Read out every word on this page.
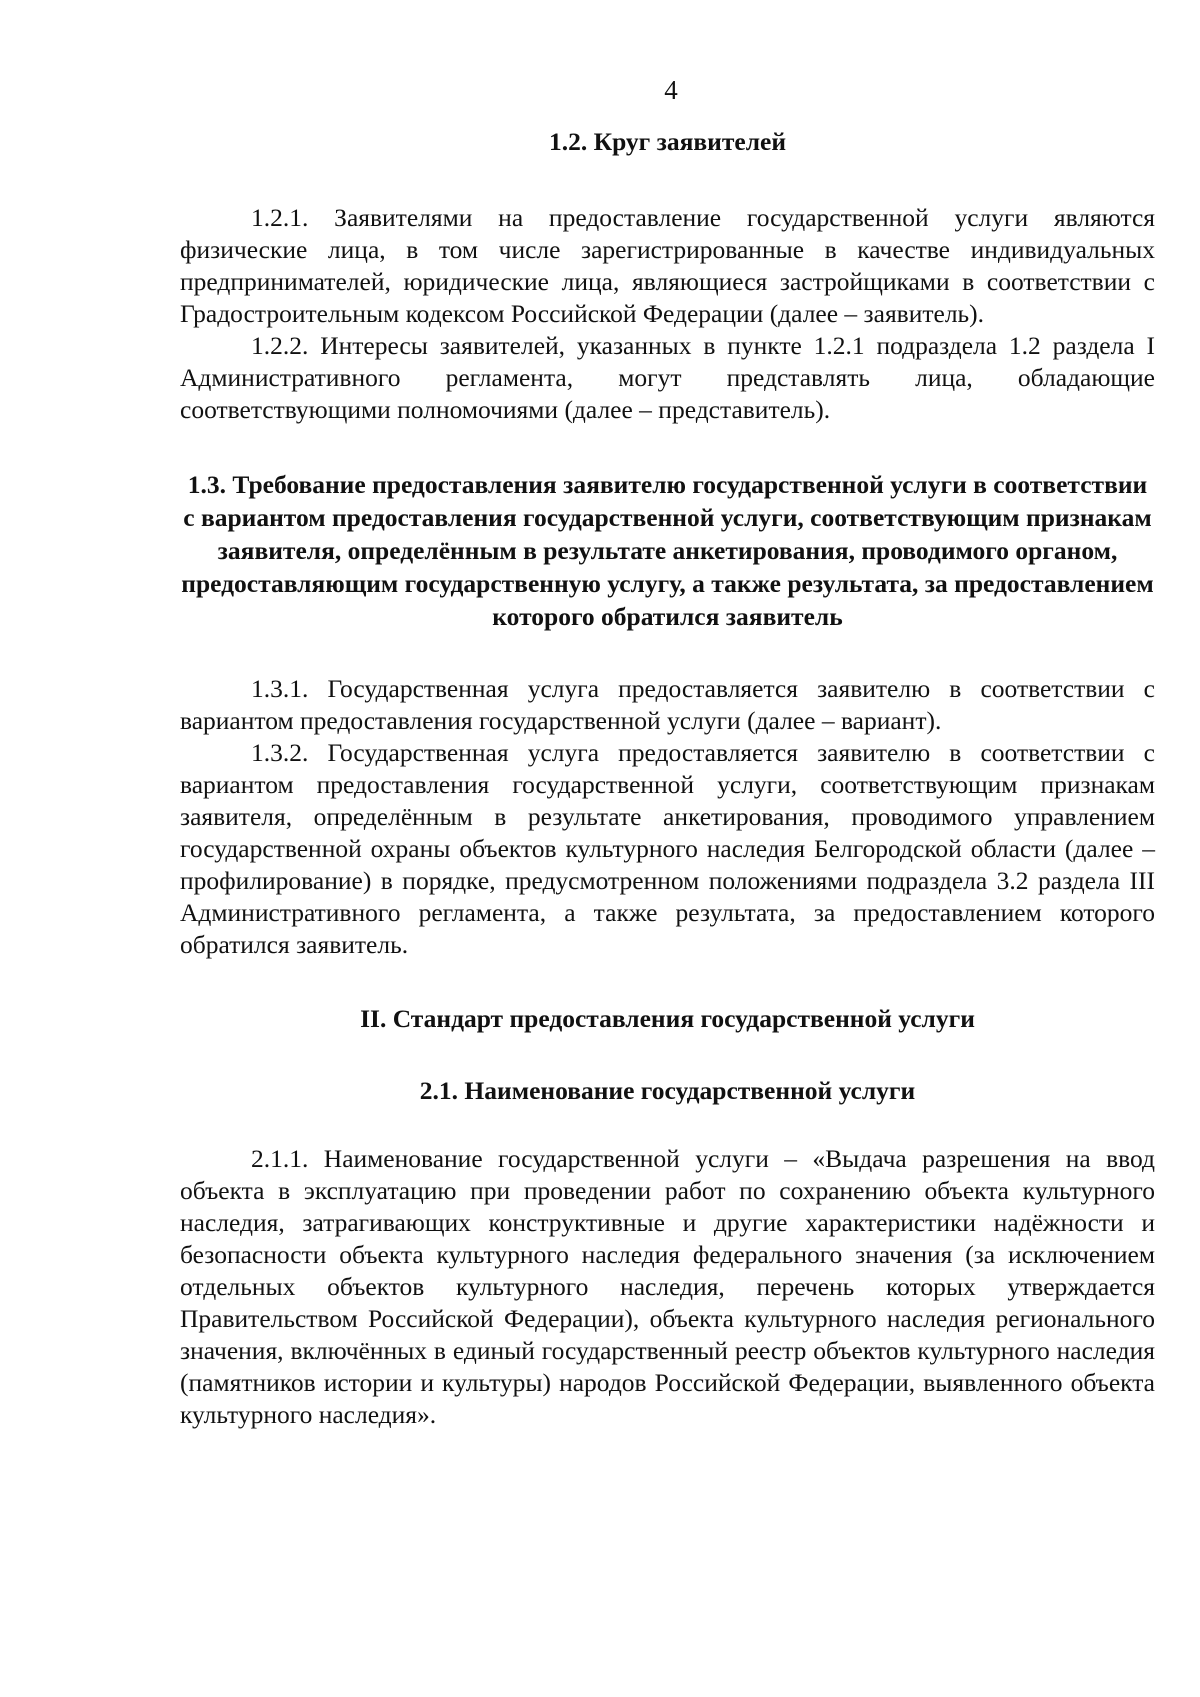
4
1.2. Круг заявителей

1.2.1. Заявителями на предоставление государственной услуги являются физические лица, в том числе зарегистрированные в качестве индивидуальных предпринимателей, юридические лица, являющиеся застройщиками в соответствии с Градостроительным кодексом Российской Федерации (далее – заявитель).

1.2.2. Интересы заявителей, указанных в пункте 1.2.1 подраздела 1.2 раздела I Административного регламента, могут представлять лица, обладающие соответствующими полномочиями (далее – представитель).

1.3. Требование предоставления заявителю государственной услуги в соответствии с вариантом предоставления государственной услуги, соответствующим признакам заявителя, определённым в результате анкетирования, проводимого органом, предоставляющим государственную услугу, а также результата, за предоставлением которого обратился заявитель

1.3.1. Государственная услуга предоставляется заявителю в соответствии с вариантом предоставления государственной услуги (далее – вариант).

1.3.2. Государственная услуга предоставляется заявителю в соответствии с вариантом предоставления государственной услуги, соответствующим признакам заявителя, определённым в результате анкетирования, проводимого управлением государственной охраны объектов культурного наследия Белгородской области (далее – профилирование) в порядке, предусмотренном положениями подраздела 3.2 раздела III Административного регламента, а также результата, за предоставлением которого обратился заявитель.

II. Стандарт предоставления государственной услуги
2.1. Наименование государственной услуги

2.1.1. Наименование государственной услуги – «Выдача разрешения на ввод объекта в эксплуатацию при проведении работ по сохранению объекта культурного наследия, затрагивающих конструктивные и другие характеристики надёжности и безопасности объекта культурного наследия федерального значения (за исключением отдельных объектов культурного наследия, перечень которых утверждается Правительством Российской Федерации), объекта культурного наследия регионального значения, включённых в единый государственный реестр объектов культурного наследия (памятников истории и культуры) народов Российской Федерации, выявленного объекта культурного наследия».
